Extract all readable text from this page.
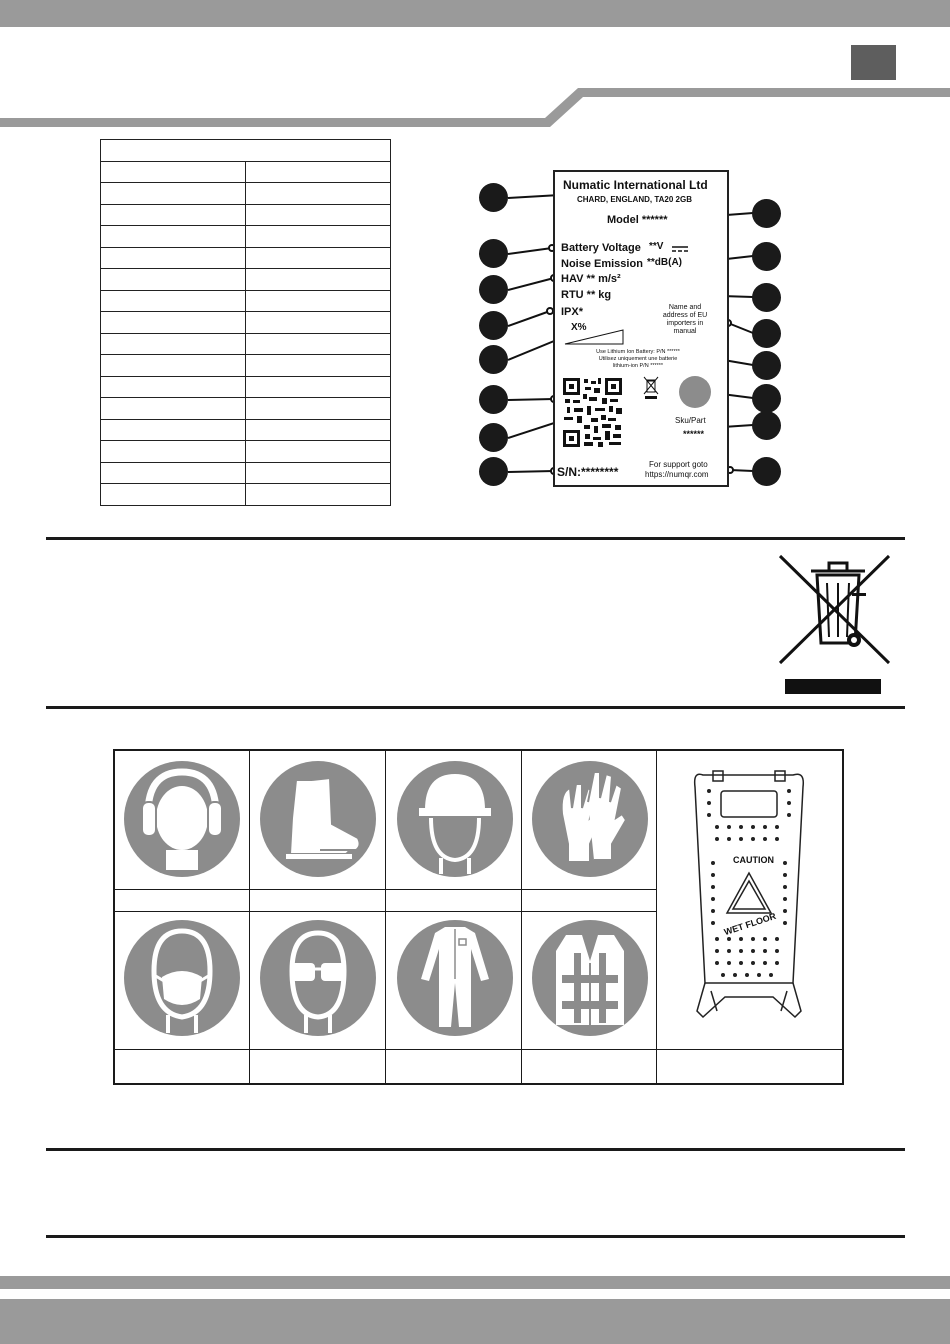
Numatic International Ltd
CHARD, ENGLAND, TA20 2GB
Model ******
Battery Voltage **V
Noise Emission **dB(A)
HAV ** m/s²
RTU ** kg
IPX*
X%
Name and
address of EU
importers in
manual
Use Lithium Ion Battery: P/N ******
Utilisez uniquement une batterie
lithium-ion P/N ******
Sku/Part
******
S/N:********
For support goto
https://numqr.com
CAUTION
WET FLOOR
